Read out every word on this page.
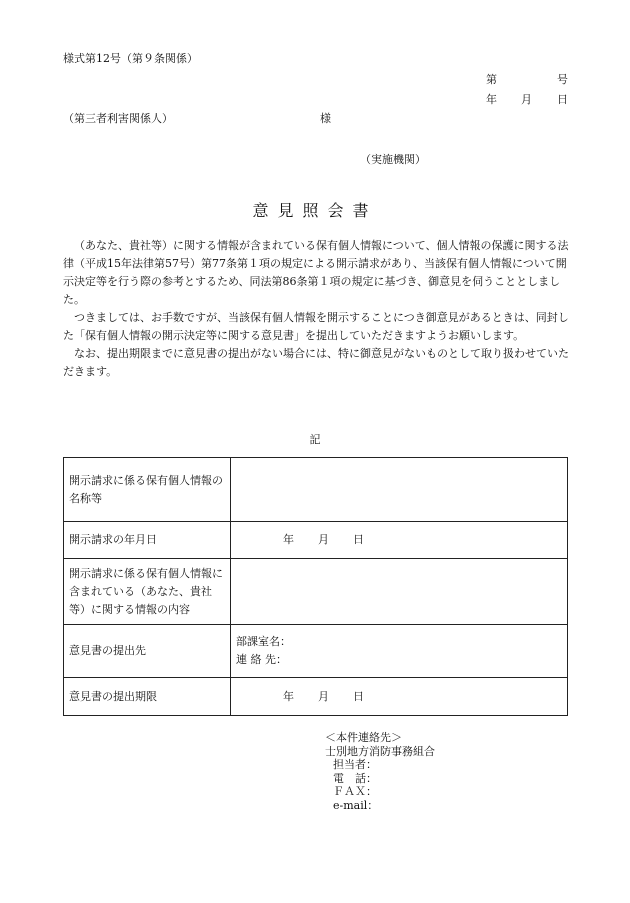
様式第12号（第９条関係）
第	号
年 月 日
（第三者利害関係人）	様
（実施機関）
意見照会書

（あなた、貴社等）に関する情報が含まれている保有個人情報について、個人情報の保護に関する法律（平成15年法律第57号）第77条第１項の規定による開示請求があり、当該保有個人情報について開示決定等を行う際の参考とするため、同法第86条第１項の規定に基づき、御意見を伺うこととしました。

つきましては、お手数ですが、当該保有個人情報を開示することにつき御意見があるときは、同封した「保有個人情報の開示決定等に関する意見書」を提出していただきますようお願いします。

なお、提出期限までに意見書の提出がない場合には、特に御意見がないものとして取り扱わせていただきます。

記
開示請求に係る保有個人情報の名称等	
開示請求の年月日	年 月 日

開示請求に係る保有個人情報に含まれている（あなた、貴社等）に関する情報の内容	
意見書の提出先	部課室名：
連 絡 先：

意見書の提出期限	年 月 日
＜本件連絡先＞
士別地方消防事務組合
担当者：
電　話：
ＦＡＸ：
e-mail：
